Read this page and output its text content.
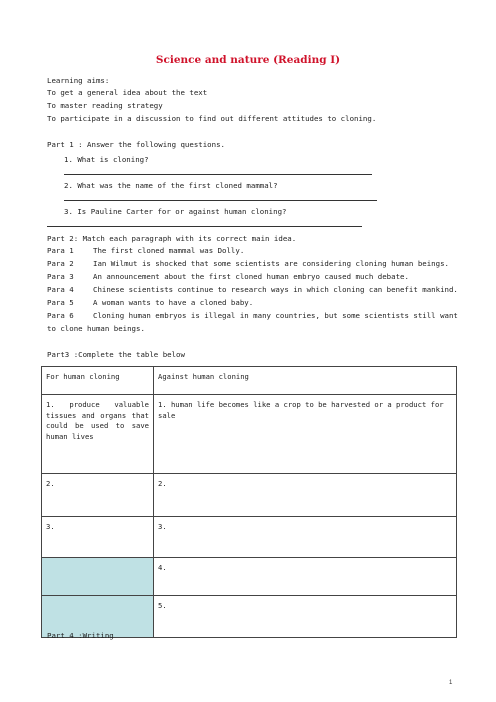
Science and nature (Reading Ⅰ)
Learning aims:
To get a general idea about the text
To master reading strategy
To participate in a discussion to find out different attitudes to cloning.
Part 1 : Answer the following questions.
1. What is cloning?
2. What was the name of the first cloned mammal?
3. Is Pauline Carter for or against human cloning?
Part 2: Match each paragraph with its correct main idea.
Para 1	The first cloned mammal was Dolly.
Para 2	Ian Wilmut is shocked that some scientists are considering cloning human beings.
Para 3	An announcement about the first cloned human embryo caused much debate.
Para 4	Chinese scientists continue to research ways in which cloning can benefit mankind.
Para 5	A woman wants to have a cloned baby.
Para 6	Cloning human embryos is illegal in many countries, but some scientists still want
to clone human beings.
Part3 :Complete the table below
For human cloning	Against human cloning
1. produce valuable tissues and organs that could be used to save human lives	1. human life becomes like a crop to be harvested or a product for sale
2.	2.
3.	3.
	4.
	5.
Part 4 :Writing
1
